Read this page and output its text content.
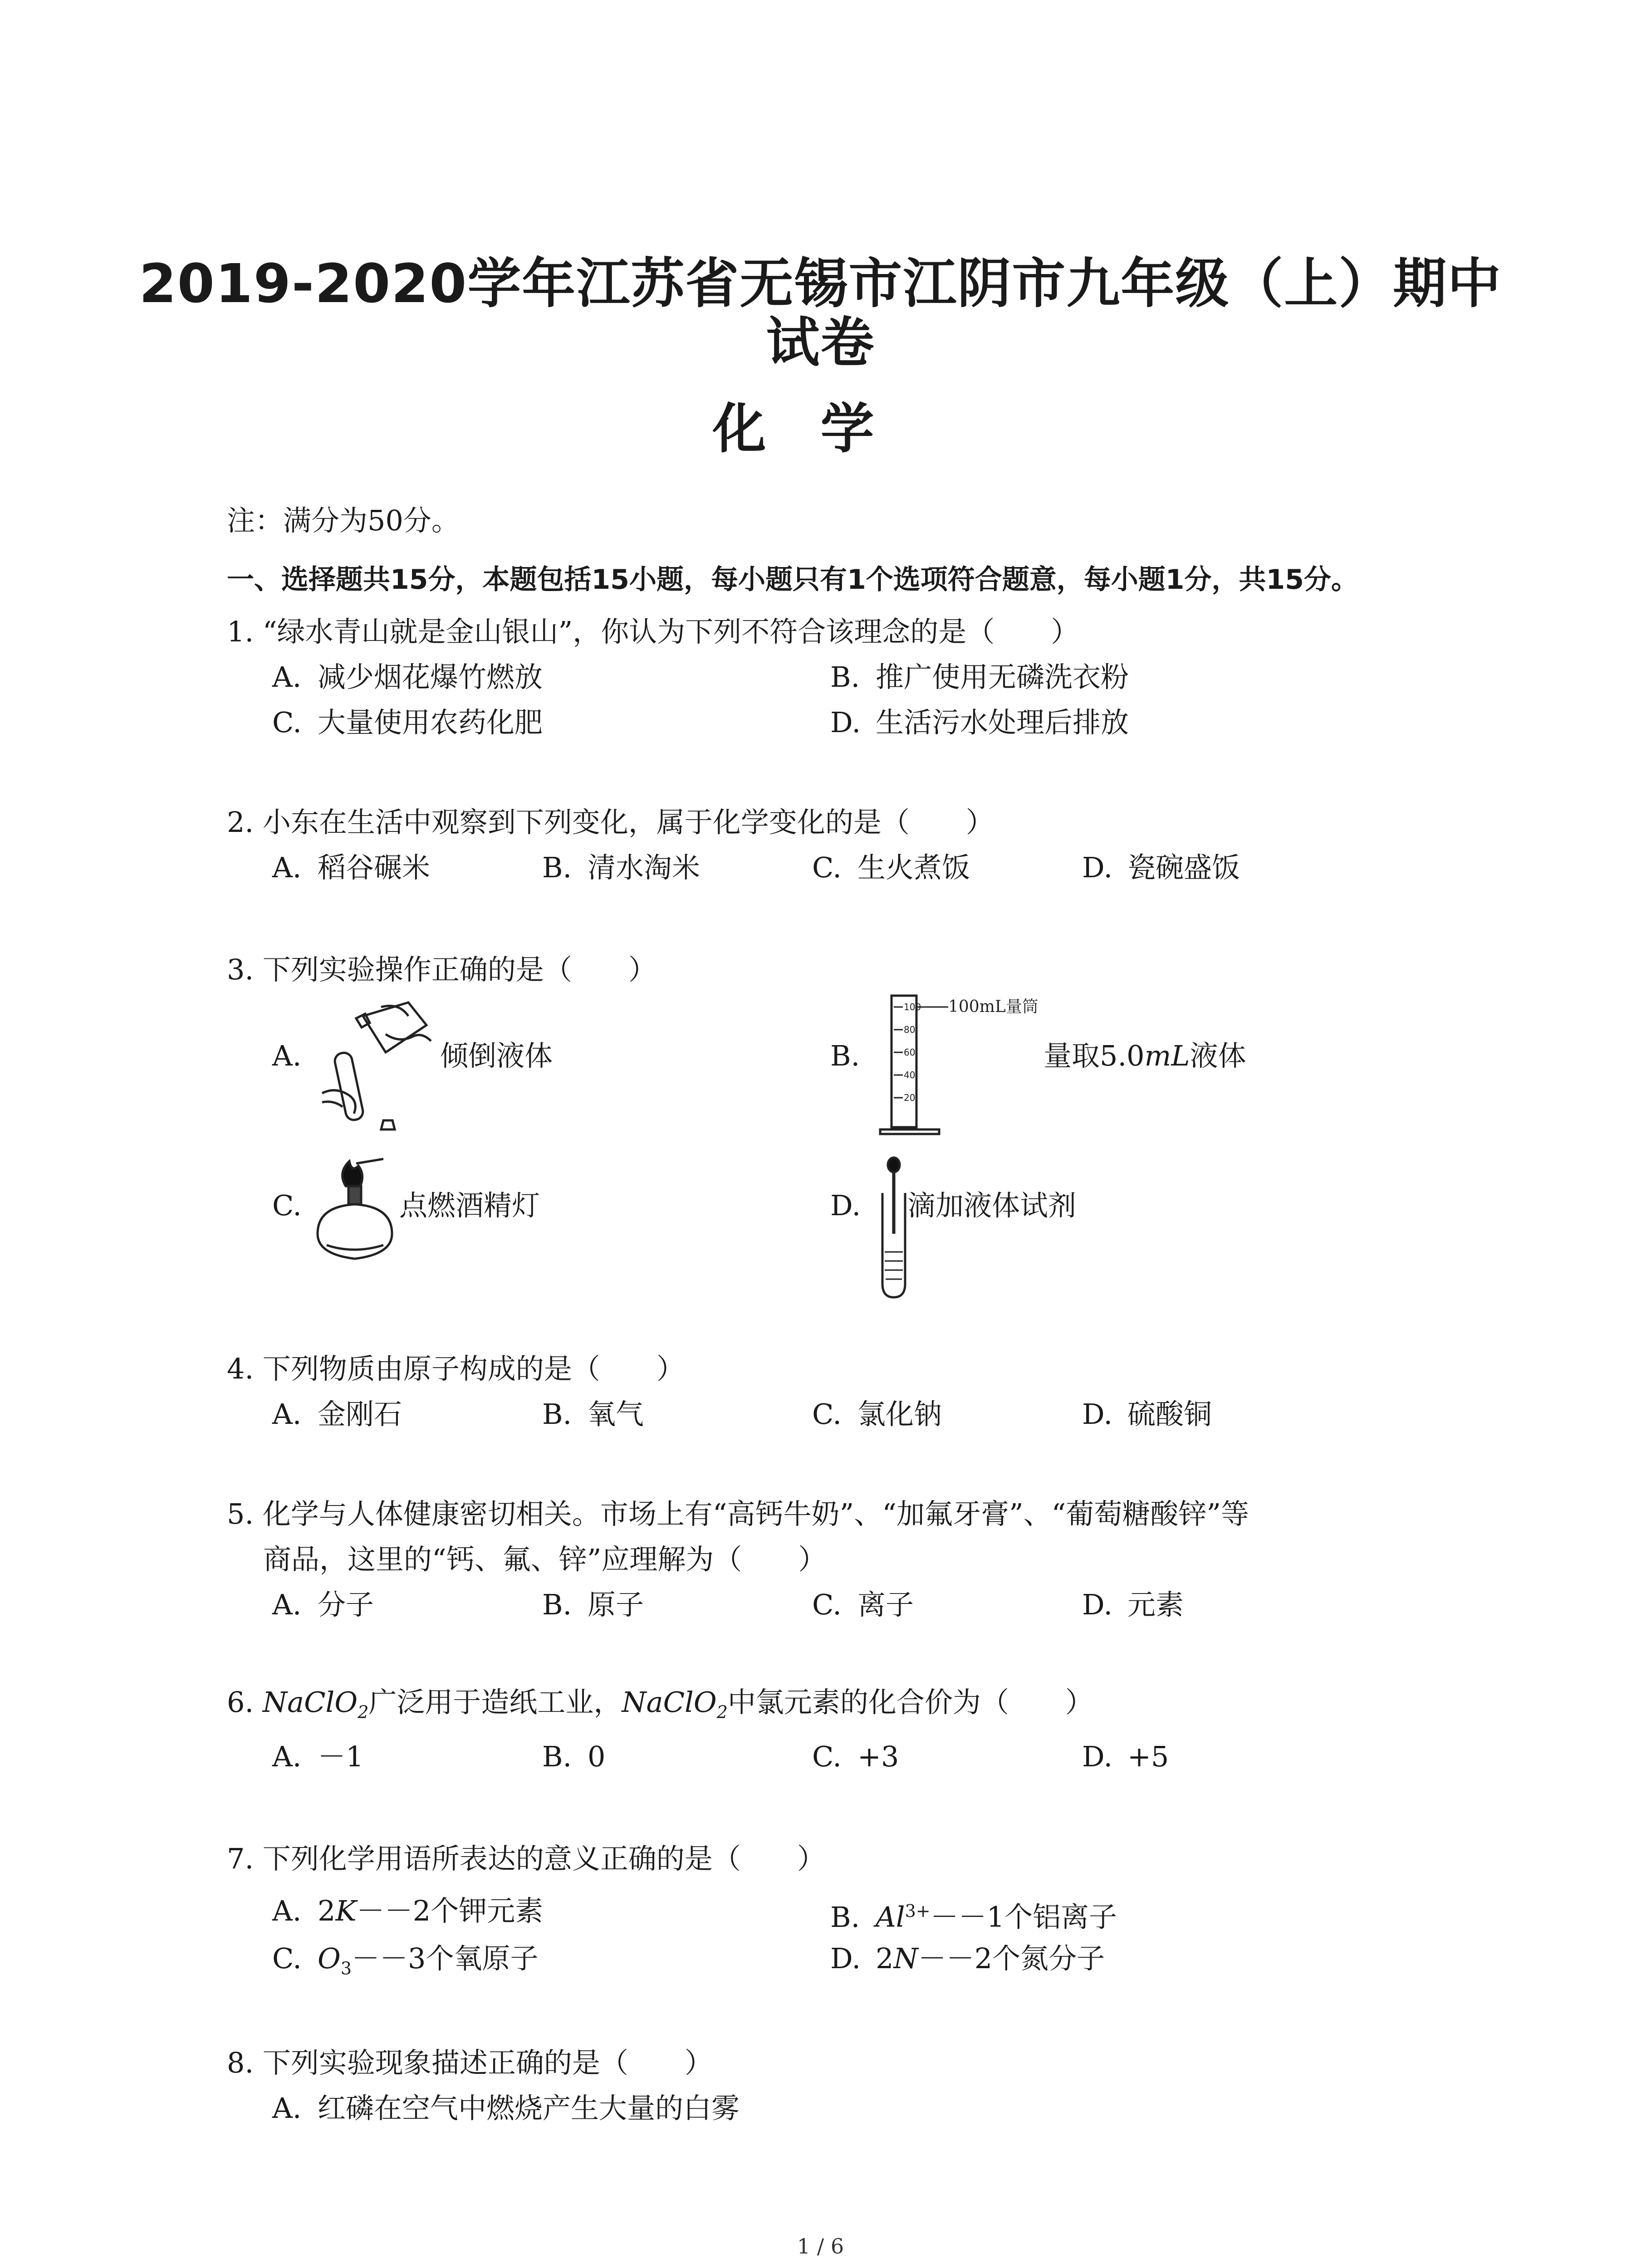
2019-2020学年江苏省无锡市江阴市九年级（上）期中
试卷
化学
注：满分为50分。
一、选择题共15分，本题包括15小题，每小题只有1个选项符合题意，每小题1分，共15分。
1. “绿水青山就是金山银山”，你认为下列不符合该理念的是（　　）
A. 减少烟花爆竹燃放	B. 推广使用无磷洗衣粉
C. 大量使用农药化肥	D. 生活污水处理后排放
2. 小东在生活中观察到下列变化，属于化学变化的是（　　）
A. 稻谷碾米	B. 清水淘米	C. 生火煮饭	D. 瓷碗盛饭
3. 下列实验操作正确的是（　　）
A.	倾倒液体	B.
100
80
60
40
20
100mL量筒
量取5.0mL液体
C.	点燃酒精灯	D. 滴加液体试剂
4. 下列物质由原子构成的是（　　）
A. 金刚石	B. 氧气	C. 氯化钠	D. 硫酸铜
5. 化学与人体健康密切相关。市场上有“高钙牛奶”、“加氟牙膏”、“葡萄糖酸锌”等
商品，这里的“钙、氟、锌”应理解为（　　）
A. 分子	B. 原子	C. 离子	D. 元素
6. NaClO$_2$广泛用于造纸工业，NaClO$_2$中氯元素的化合价为（　　）
A. －1	B. 0	C. +3	D. +5
7. 下列化学用语所表达的意义正确的是（　　）
A. 2K－－2个钾元素	B. $Al^{3+}--1$个铝离子
C. $O_3--3$个氧原子	D. 2N－－2个氮分子
8. 下列实验现象描述正确的是（　　）
A. 红磷在空气中燃烧产生大量的白雾
1 / 6
